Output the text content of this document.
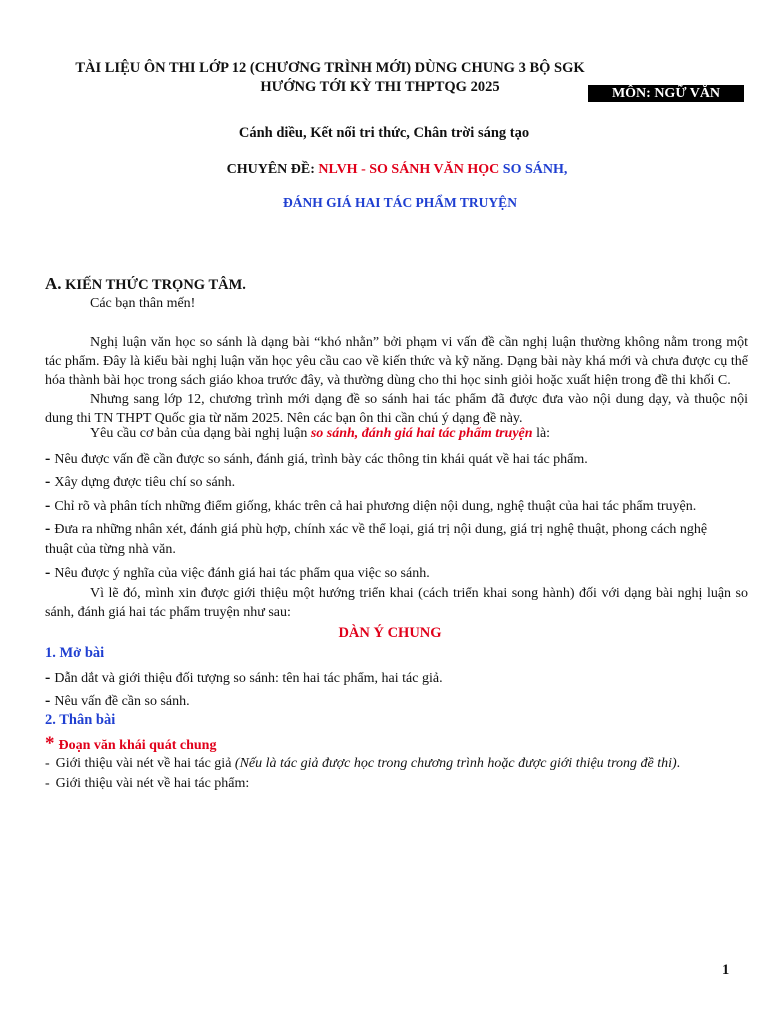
TÀI LIỆU ÔN THI LỚP 12 (CHƯƠNG TRÌNH MỚI) DÙNG CHUNG 3 BỘ SGK
HƯỚNG TỚI KỲ THI THPTQG 2025	MÔN: NGỮ VĂN
Cánh diều, Kết nối tri thức, Chân trời sáng tạo
CHUYÊN ĐỀ: NLVH - SO SÁNH VĂN HỌC SO SÁNH,
ĐÁNH GIÁ HAI TÁC PHẨM TRUYỆN
A. KIẾN THỨC TRỌNG TÂM.
Các bạn thân mến!
Nghị luận văn học so sánh là dạng bài “khó nhằn” bởi phạm vi vấn đề cần nghị luận thường không nằm trong một tác phẩm. Đây là kiểu bài nghị luận văn học yêu cầu cao về kiến thức và kỹ năng. Dạng bài này khá mới và chưa được cụ thể hóa thành bài học trong sách giáo khoa trước đây, và thường dùng cho thi học sinh giỏi hoặc xuất hiện trong đề thi khối C.
Nhưng sang lớp 12, chương trình mới dạng đề so sánh hai tác phẩm đã được đưa vào nội dung dạy, và thuộc nội dung thi TN THPT Quốc gia từ năm 2025. Nên các bạn ôn thi cần chú ý dạng đề này.
Yêu cầu cơ bản của dạng bài nghị luận so sánh, đánh giá hai tác phẩm truyện là:
- Nêu được vấn đề cần được so sánh, đánh giá, trình bày các thông tin khái quát về hai tác phẩm.
- Xây dựng được tiêu chí so sánh.
- Chỉ rõ và phân tích những điểm giống, khác trên cả hai phương diện nội dung, nghệ thuật của hai tác phẩm truyện.
- Đưa ra những nhân xét, đánh giá phù hợp, chính xác về thể loại, giá trị nội dung, giá trị nghệ thuật, phong cách nghệ
thuật của từng nhà văn.
- Nêu được ý nghĩa của việc đánh giá hai tác phẩm qua việc so sánh.
Vì lẽ đó, mình xin được giới thiệu một hướng triển khai (cách triển khai song hành) đối với dạng bài nghị luận so sánh, đánh giá hai tác phẩm truyện như sau:
DÀN Ý CHUNG
1. Mở bài
- Dẫn dắt và giới thiệu đối tượng so sánh: tên hai tác phẩm, hai tác giả.
- Nêu vấn đề cần so sánh.
2. Thân bài
* Đoạn văn khái quát chung
- Giới thiệu vài nét về hai tác giả (Nếu là tác giả được học trong chương trình hoặc được giới thiệu trong đề thi).
- Giới thiệu vài nét về hai tác phẩm:
1
